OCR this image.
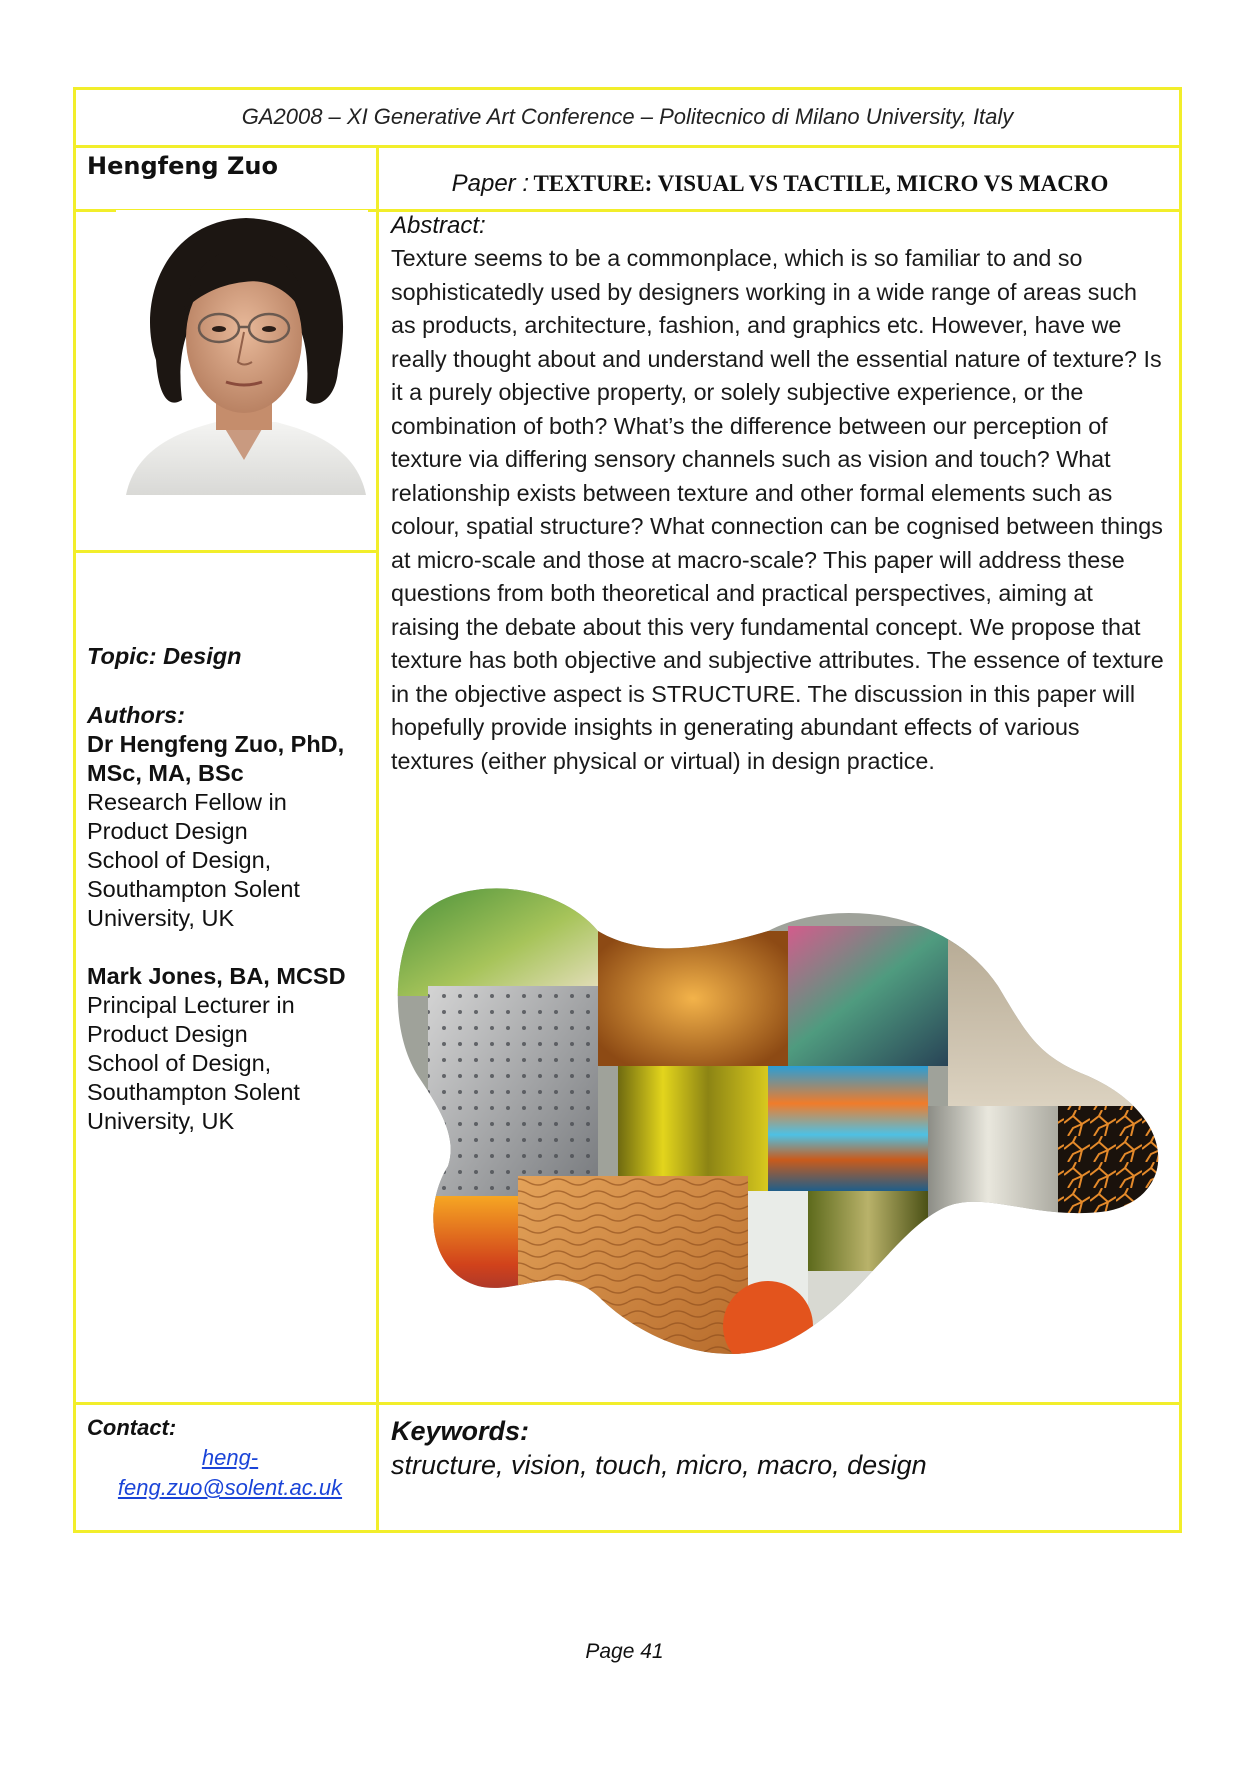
GA2008 – XI Generative Art Conference – Politecnico di Milano University, Italy
Hengfeng Zuo
Paper : TEXTURE: VISUAL VS TACTILE, MICRO VS MACRO
Abstract:
Texture seems to be a commonplace, which is so familiar to and so sophisticatedly used by designers working in a wide range of areas such as products, architecture, fashion, and graphics etc. However, have we really thought about and understand well the essential nature of texture? Is it a purely objective property, or solely subjective experience, or the combination of both? What’s the difference between our perception of texture via differing sensory channels such as vision and touch? What relationship exists between texture and other formal elements such as colour, spatial structure? What connection can be cognised between things at micro-scale and those at macro-scale? This paper will address these questions from both theoretical and practical perspectives, aiming at raising the debate about this very fundamental concept. We propose that texture has both objective and subjective attributes. The essence of texture in the objective aspect is STRUCTURE. The discussion in this paper will hopefully provide insights in generating abundant effects of various textures (either physical or virtual) in design practice.
Topic: Design
Authors:
Dr Hengfeng Zuo, PhD, MSc, MA, BSc
Research Fellow in
Product Design
School of Design,
Southampton Solent
University, UK
Mark Jones, BA, MCSD
Principal Lecturer in
Product Design
School of Design,
Southampton Solent
University, UK
Contact:
heng-
feng.zuo@solent.ac.uk
Keywords:
structure, vision, touch, micro, macro, design
Page 41
